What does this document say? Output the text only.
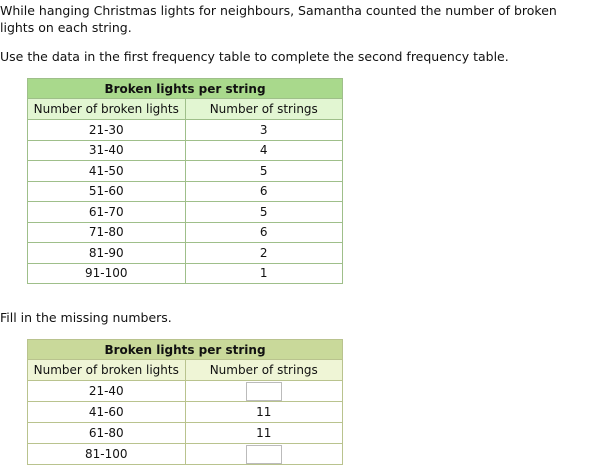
While hanging Christmas lights for neighbours, Samantha counted the number of broken lights on each string.

Use the data in the first frequency table to complete the second frequency table.

Broken lights per string	
Number of broken lights	Number of strings
21-30	3
31-40	4
41-50	5
51-60	6
61-70	5
71-80	6
81-90	2
91-100	1

Fill in the missing numbers.

Broken lights per string	
Number of broken lights	Number of strings
21-40	
41-60	11
61-80	11
81-100	
